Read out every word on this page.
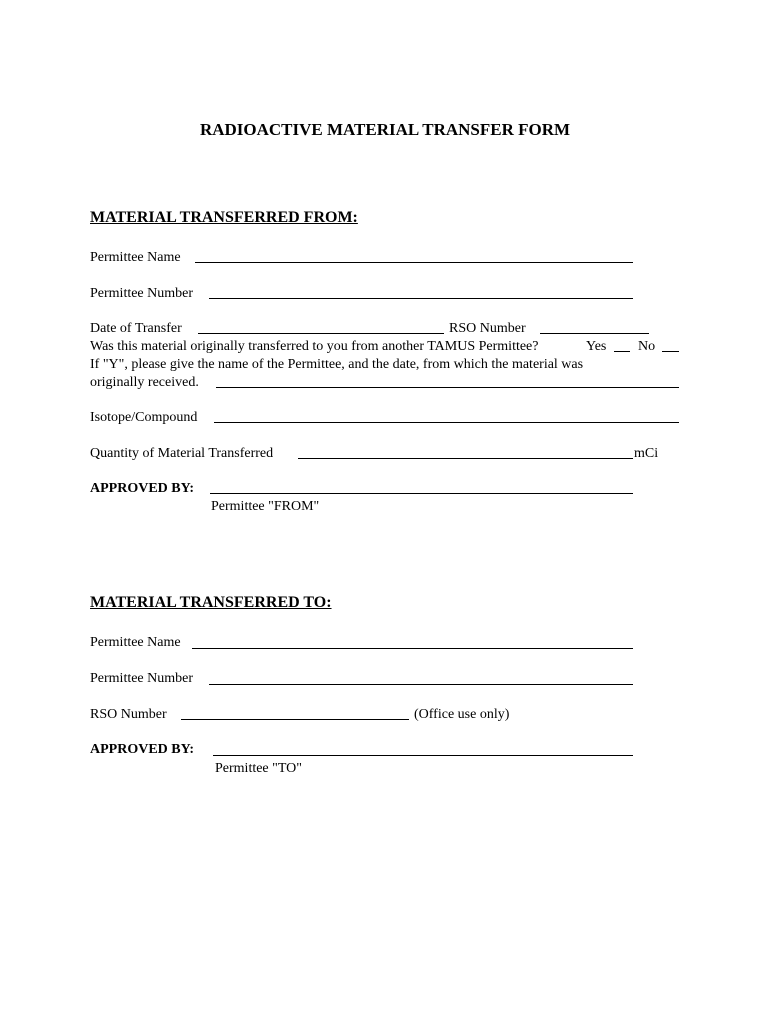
RADIOACTIVE MATERIAL TRANSFER FORM
MATERIAL TRANSFERRED FROM:
Permittee Name
Permittee Number
Date of Transfer	RSO Number
Was this material originally transferred to you from another TAMUS Permittee?	Yes No
If "Y", please give the name of the Permittee, and the date, from which the material was
originally received.
Isotope/Compound
Quantity of Material Transferred	mCi
APPROVED BY:
Permittee "FROM"
MATERIAL TRANSFERRED TO:
Permittee Name
Permittee Number
RSO Number	(Office use only)
APPROVED BY:
Permittee "TO"
